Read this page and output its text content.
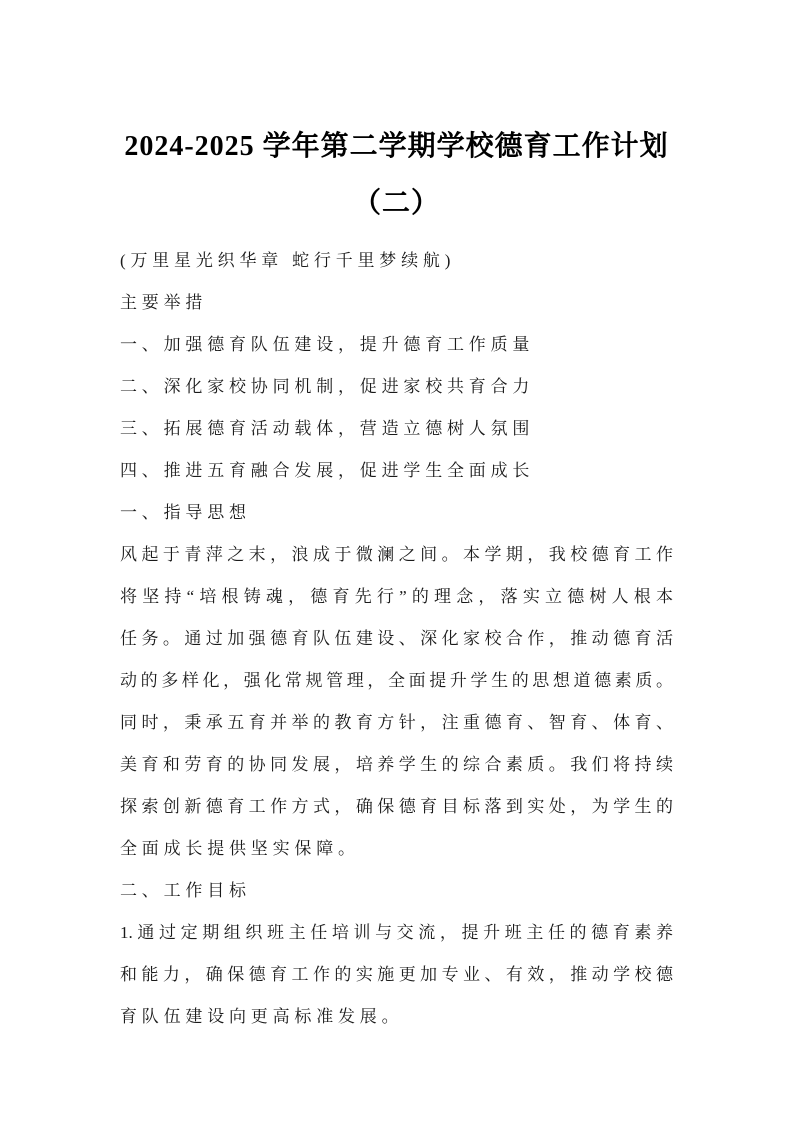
2024-2025 学年第二学期学校德育工作计划
（二）
(万里星光织华章 蛇行千里梦续航)
主要举措
一、加强德育队伍建设，提升德育工作质量
二、深化家校协同机制，促进家校共育合力
三、拓展德育活动载体，营造立德树人氛围
四、推进五育融合发展，促进学生全面成长
一、指导思想
风起于青萍之末，浪成于微澜之间。本学期，我校德育工作
将坚持“培根铸魂，德育先行”的理念，落实立德树人根本
任务。通过加强德育队伍建设、深化家校合作，推动德育活
动的多样化，强化常规管理，全面提升学生的思想道德素质。
同时，秉承五育并举的教育方针，注重德育、智育、体育、
美育和劳育的协同发展，培养学生的综合素质。我们将持续
探索创新德育工作方式，确保德育目标落到实处，为学生的
全面成长提供坚实保障。
二、工作目标
1.通过定期组织班主任培训与交流，提升班主任的德育素养
和能力，确保德育工作的实施更加专业、有效，推动学校德
育队伍建设向更高标准发展。
